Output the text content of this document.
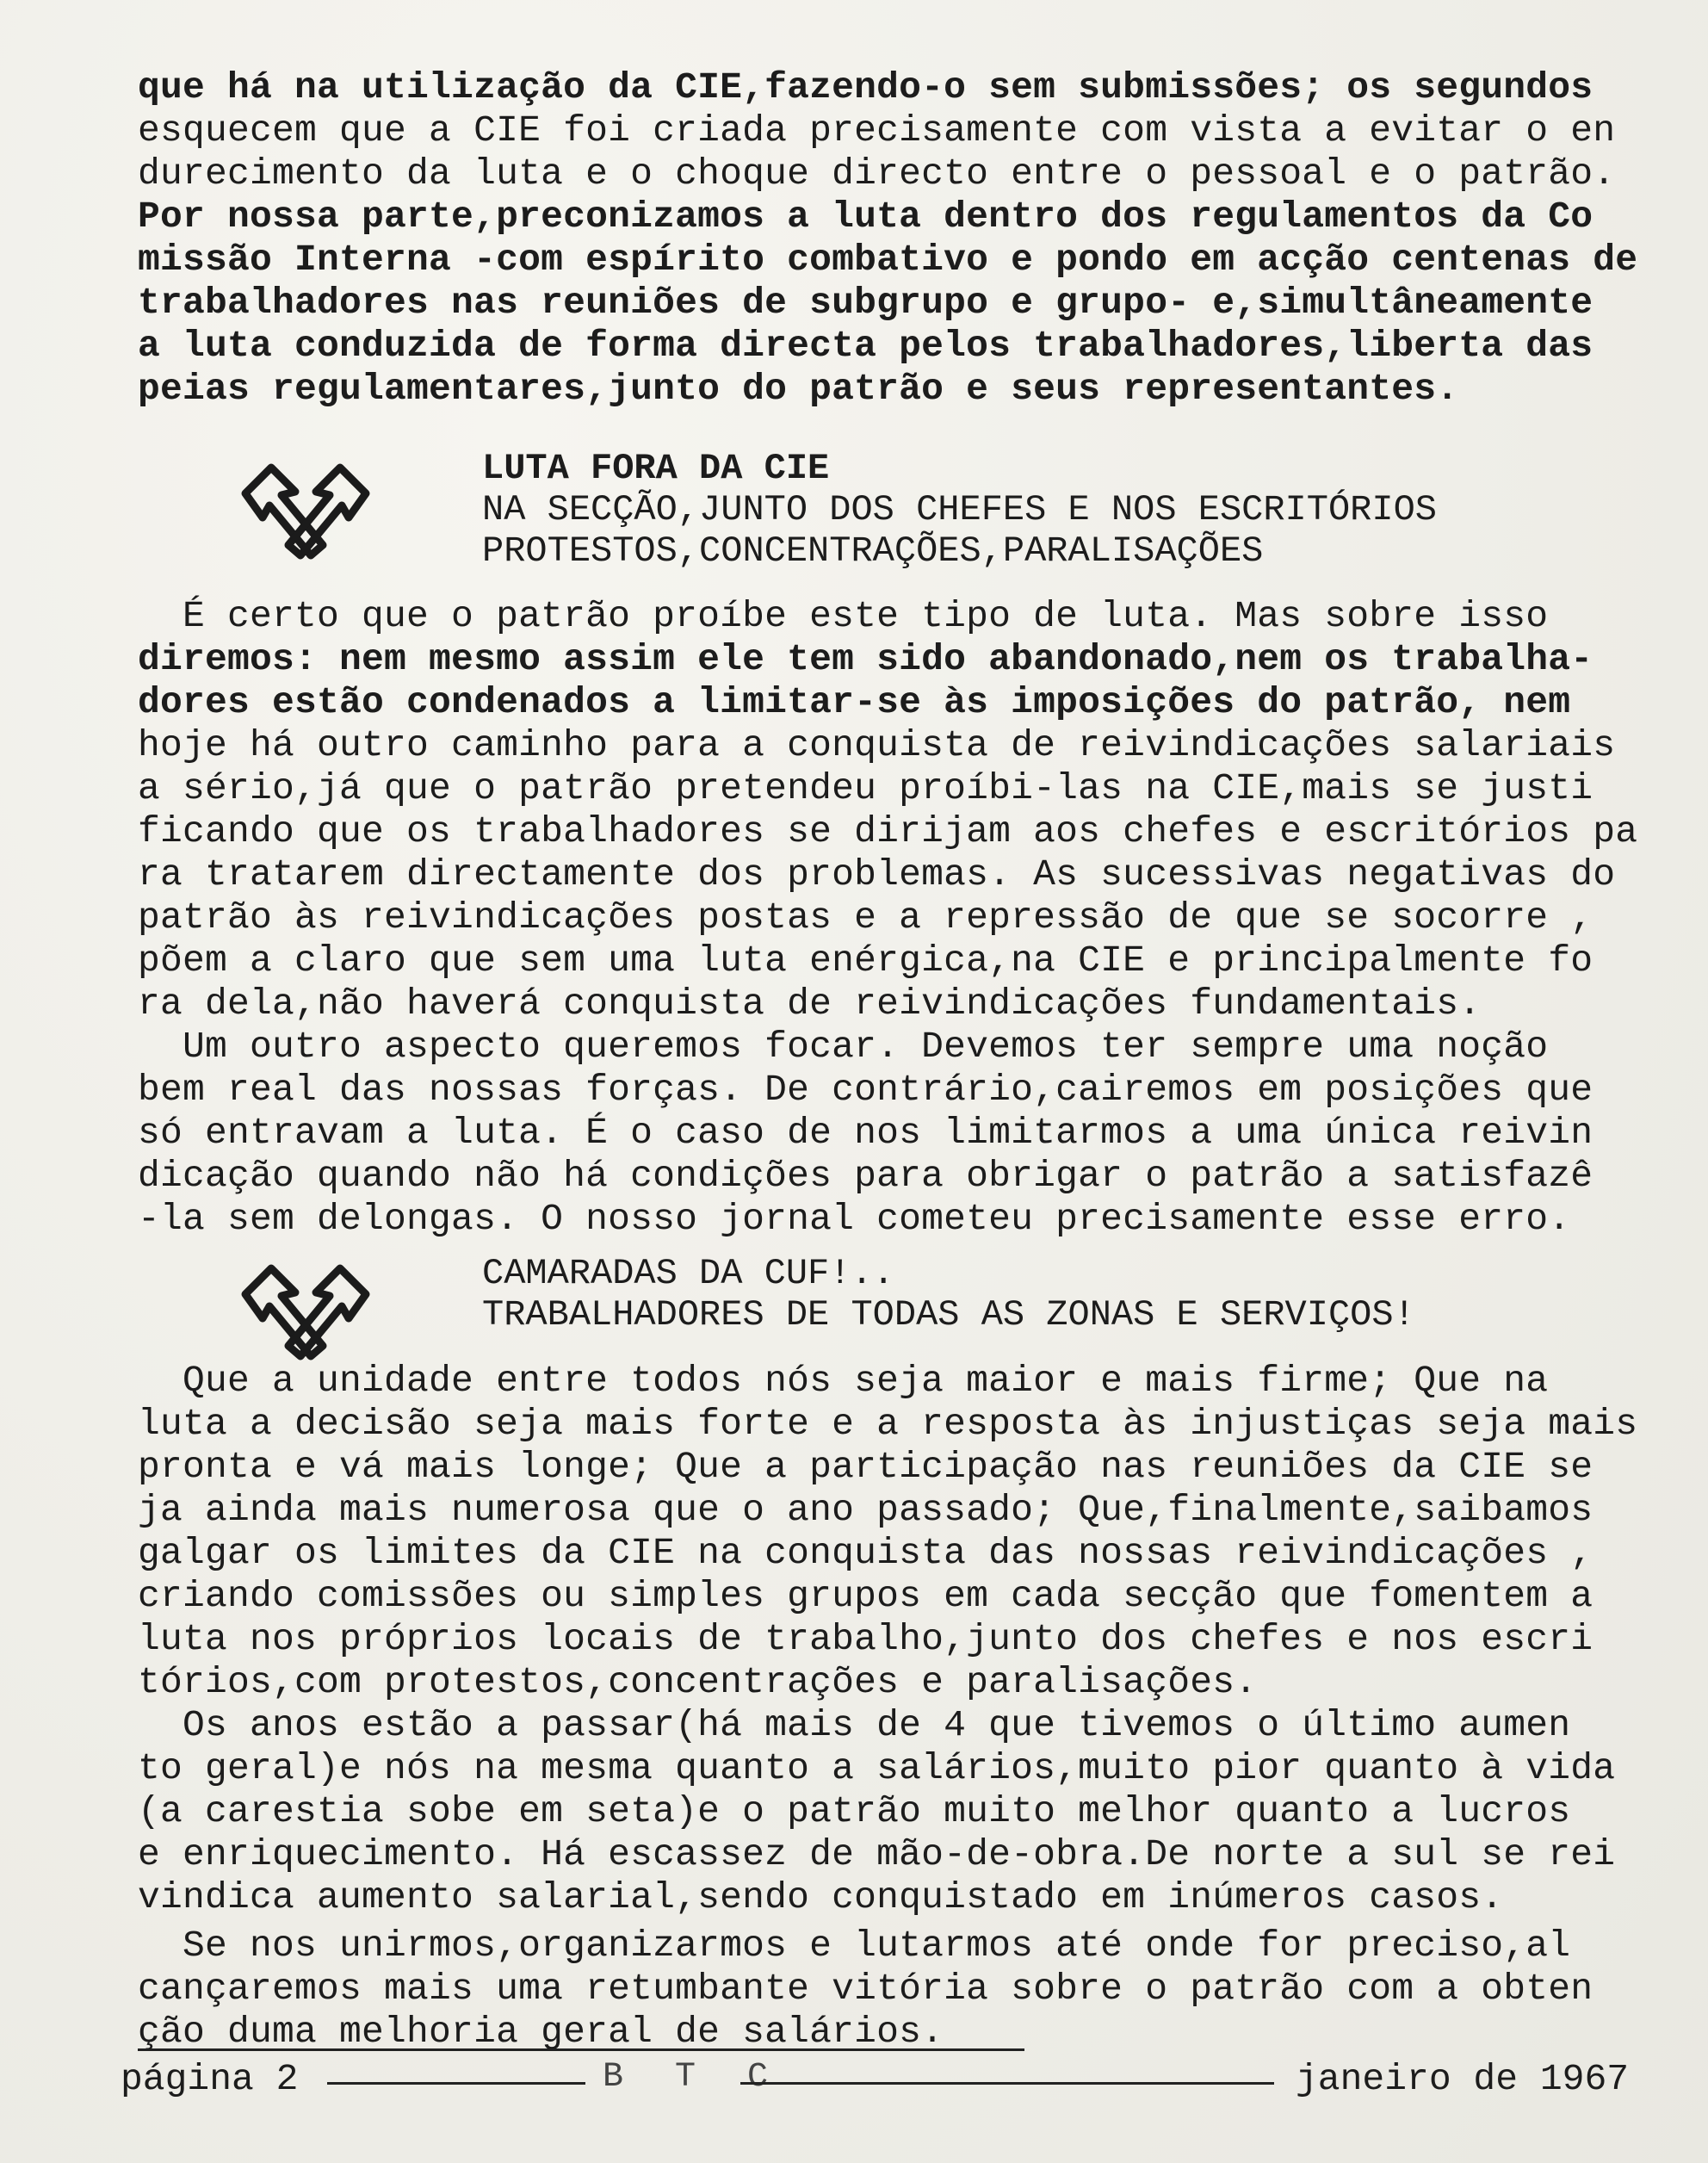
que há na utilização da CIE,fazendo-o sem submissões; os segundos
esquecem que a CIE foi criada precisamente com vista a evitar o en
durecimento da luta e o choque directo entre o pessoal e o patrão.
Por nossa parte,preconizamos a luta dentro dos regulamentos da Co
missão Interna -com espírito combativo e pondo em acção centenas de
trabalhadores nas reuniões de subgrupo e grupo- e,simultâneamente
a luta conduzida de forma directa pelos trabalhadores,liberta das
peias regulamentares,junto do patrão e seus representantes.
LUTA FORA DA CIE
NA SECÇÃO,JUNTO DOS CHEFES E NOS ESCRITÓRIOS
PROTESTOS,CONCENTRAÇÕES,PARALISAÇÕES
É certo que o patrão proíbe este tipo de luta. Mas sobre isso
diremos: nem mesmo assim ele tem sido abandonado,nem os trabalha-
dores estão condenados a limitar-se às imposições do patrão, nem
hoje há outro caminho para a conquista de reivindicações salariais
a sério,já que o patrão pretendeu proíbi-las na CIE,mais se justi
ficando que os trabalhadores se dirijam aos chefes e escritórios pa
ra tratarem directamente dos problemas. As sucessivas negativas do
patrão às reivindicações postas e a repressão de que se socorre ,
põem a claro que sem uma luta enérgica,na CIE e principalmente fo
ra dela,não haverá conquista de reivindicações fundamentais.
Um outro aspecto queremos focar. Devemos ter sempre uma noção
bem real das nossas forças. De contrário,cairemos em posições que
só entravam a luta. É o caso de nos limitarmos a uma única reivin
dicação quando não há condições para obrigar o patrão a satisfazê
-la sem delongas. O nosso jornal cometeu precisamente esse erro.
CAMARADAS DA CUF!..
TRABALHADORES DE TODAS AS ZONAS E SERVIÇOS!
Que a unidade entre todos nós seja maior e mais firme; Que na
luta a decisão seja mais forte e a resposta às injustiças seja mais
pronta e vá mais longe; Que a participação nas reuniões da CIE se
ja ainda mais numerosa que o ano passado; Que,finalmente,saibamos
galgar os limites da CIE na conquista das nossas reivindicações ,
criando comissões ou simples grupos em cada secção que fomentem a
luta nos próprios locais de trabalho,junto dos chefes e nos escri
tórios,com protestos,concentrações e paralisações.
Os anos estão a passar(há mais de 4 que tivemos o último aumen
to geral)e nós na mesma quanto a salários,muito pior quanto à vida
(a carestia sobe em seta)e o patrão muito melhor quanto a lucros
e enriquecimento. Há escassez de mão-de-obra.De norte a sul se rei
vindica aumento salarial,sendo conquistado em inúmeros casos.
Se nos unirmos,organizarmos e lutarmos até onde for preciso,al
cançaremos mais uma retumbante vitória sobre o patrão com a obten
ção duma melhoria geral de salários.
página 2	B T C	janeiro de 1967
